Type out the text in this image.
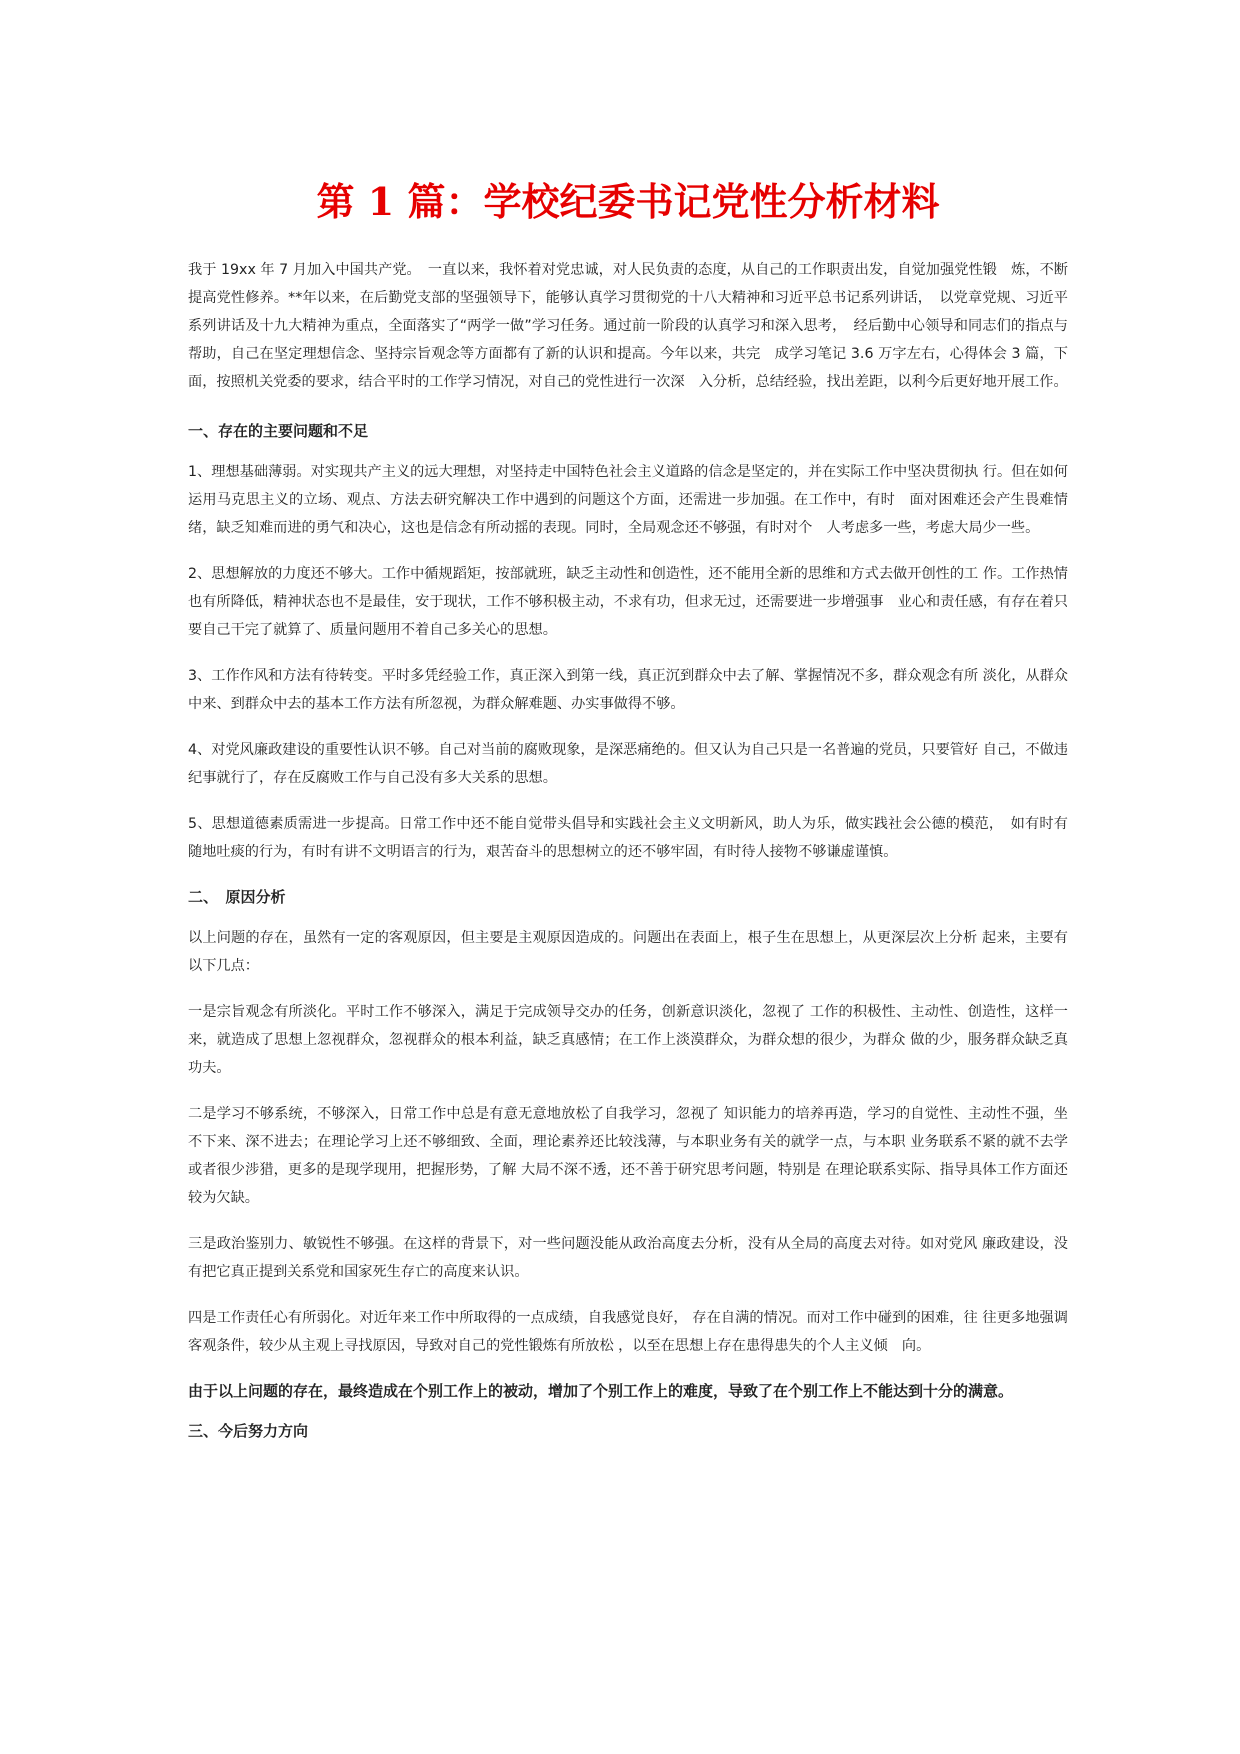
第 1 篇：学校纪委书记党性分析材料

我于 19xx 年 7 月加入中国共产党。　一直以来，我怀着对党忠诚，对人民负责的态度，从自己的工作职责出发，自觉加强党性锻　炼，不断提高党性修养。**年以来，在后勤党支部的坚强领导下，能够认真学习贯彻党的十八大精神和习近平总书记系列讲话，　以党章党规、习近平系列讲话及十九大精神为重点，全面落实了“两学一做”学习任务。通过前一阶段的认真学习和深入思考，　经后勤中心领导和同志们的指点与帮助，自己在坚定理想信念、坚持宗旨观念等方面都有了新的认识和提高。今年以来，共完　成学习笔记 3.6 万字左右，心得体会 3 篇，下面，按照机关党委的要求，结合平时的工作学习情况，对自己的党性进行一次深　入分析，总结经验，找出差距，以利今后更好地开展工作。

一、存在的主要问题和不足

1、理想基础薄弱。对实现共产主义的远大理想，对坚持走中国特色社会主义道路的信念是坚定的，并在实际工作中坚决贯彻执 行。但在如何运用马克思主义的立场、观点、方法去研究解决工作中遇到的问题这个方面，还需进一步加强。在工作中，有时　面对困难还会产生畏难情绪，缺乏知难而进的勇气和决心，这也是信念有所动摇的表现。同时，全局观念还不够强，有时对个　人考虑多一些，考虑大局少一些。

2、思想解放的力度还不够大。工作中循规蹈矩，按部就班，缺乏主动性和创造性，还不能用全新的思维和方式去做开创性的工 作。工作热情也有所降低，精神状态也不是最佳，安于现状，工作不够积极主动，不求有功，但求无过，还需要进一步增强事　业心和责任感，有存在着只要自己干完了就算了、质量问题用不着自己多关心的思想。

3、工作作风和方法有待转变。平时多凭经验工作，真正深入到第一线，真正沉到群众中去了解、掌握情况不多，群众观念有所 淡化，从群众中来、到群众中去的基本工作方法有所忽视，为群众解难题、办实事做得不够。

4、对党风廉政建设的重要性认识不够。自己对当前的腐败现象，是深恶痛绝的。但又认为自己只是一名普遍的党员，只要管好 自己，不做违纪事就行了，存在反腐败工作与自己没有多大关系的思想。

5、思想道德素质需进一步提高。日常工作中还不能自觉带头倡导和实践社会主义文明新风，助人为乐，做实践社会公德的模范，　如有时有随地吐痰的行为，有时有讲不文明语言的行为，艰苦奋斗的思想树立的还不够牢固，有时待人接物不够谦虚谨慎。

二、　原因分析

以上问题的存在，虽然有一定的客观原因，但主要是主观原因造成的。问题出在表面上，根子生在思想上，从更深层次上分析 起来，主要有以下几点：

一是宗旨观念有所淡化。平时工作不够深入，满足于完成领导交办的任务，创新意识淡化，忽视了 工作的积极性、主动性、创造性，这样一来，就造成了思想上忽视群众，忽视群众的根本利益，缺乏真感情；在工作上淡漠群众，为群众想的很少，为群众 做的少，服务群众缺乏真功夫。

二是学习不够系统，不够深入，日常工作中总是有意无意地放松了自我学习，忽视了 知识能力的培养再造，学习的自觉性、主动性不强，坐不下来、深不进去；在理论学习上还不够细致、全面，理论素养还比较浅薄，与本职业务有关的就学一点，与本职 业务联系不紧的就不去学或者很少涉猎，更多的是现学现用，把握形势，了解 大局不深不透，还不善于研究思考问题，特别是 在理论联系实际、指导具体工作方面还较为欠缺。

三是政治鉴别力、敏锐性不够强。在这样的背景下，对一些问题没能从政治高度去分析，没有从全局的高度去对待。如对党风 廉政建设，没有把它真正提到关系党和国家死生存亡的高度来认识。

四是工作责任心有所弱化。对近年来工作中所取得的一点成绩，自我感觉良好， 存在自满的情况。而对工作中碰到的困难，往 往更多地强调客观条件，较少从主观上寻找原因，导致对自己的党性锻炼有所放松 ，以至在思想上存在患得患失的个人主义倾　向。

由于以上问题的存在，最终造成在个别工作上的被动，增加了个别工作上的难度，导致了在个别工作上不能达到十分的满意。
三、今后努力方向
